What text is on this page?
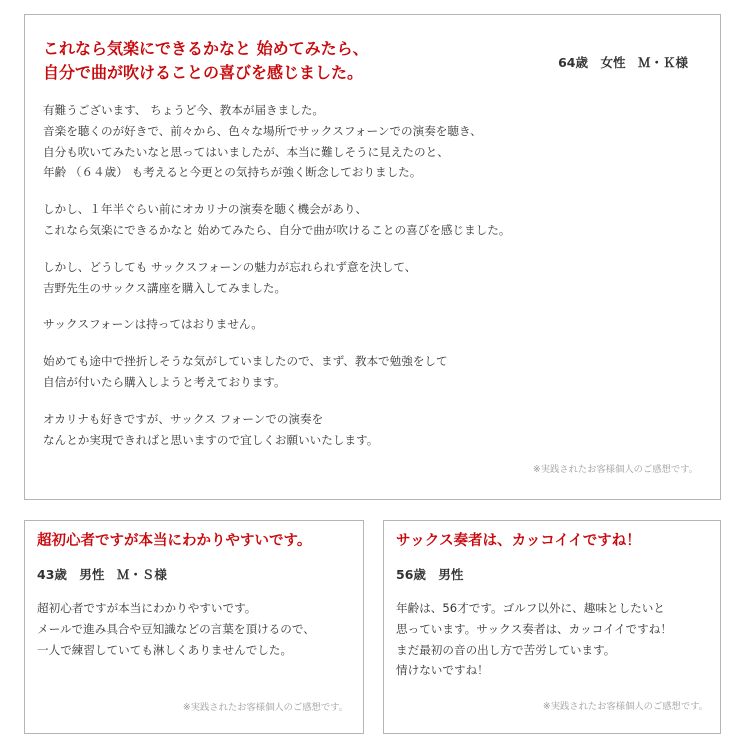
これなら気楽にできるかなと 始めてみたら、
自分で曲が吹けることの喜びを感じました。
64歳　女性　Ｍ・Ｋ様

有難うございます、 ちょうど今、教本が届きました。
音楽を聴くのが好きで、前々から、色々な場所でサックスフォーンでの演奏を聴き、
自分も吹いてみたいなと思ってはいましたが、本当に難しそうに見えたのと、
年齢 （６４歳） も考えると今更との気持ちが強く断念しておりました。

しかし、１年半ぐらい前にオカリナの演奏を聴く機会があり、
これなら気楽にできるかなと 始めてみたら、自分で曲が吹けることの喜びを感じました。

しかし、どうしても サックスフォーンの魅力が忘れられず意を決して、
吉野先生のサックス講座を購入してみました。

サックスフォーンは持ってはおりません。

始めても途中で挫折しそうな気がしていましたので、まず、教本で勉強をして
自信が付いたら購入しようと考えております。

オカリナも好きですが、サックス フォーンでの演奏を
なんとか実現できればと思いますので宜しくお願いいたします。

※実践されたお客様個人のご感想です。
超初心者ですが本当にわかりやすいです。
43歳　男性　Ｍ・Ｓ様

超初心者ですが本当にわかりやすいです。
メールで進み具合や豆知識などの言葉を頂けるので、
一人で練習していても淋しくありませんでした。

※実践されたお客様個人のご感想です。
サックス奏者は、カッコイイですね！
56歳　男性

年齢は、56才です。ゴルフ以外に、趣味としたいと
思っています。サックス奏者は、カッコイイですね！
まだ最初の音の出し方で苦労しています。
情けないですね！

※実践されたお客様個人のご感想です。
